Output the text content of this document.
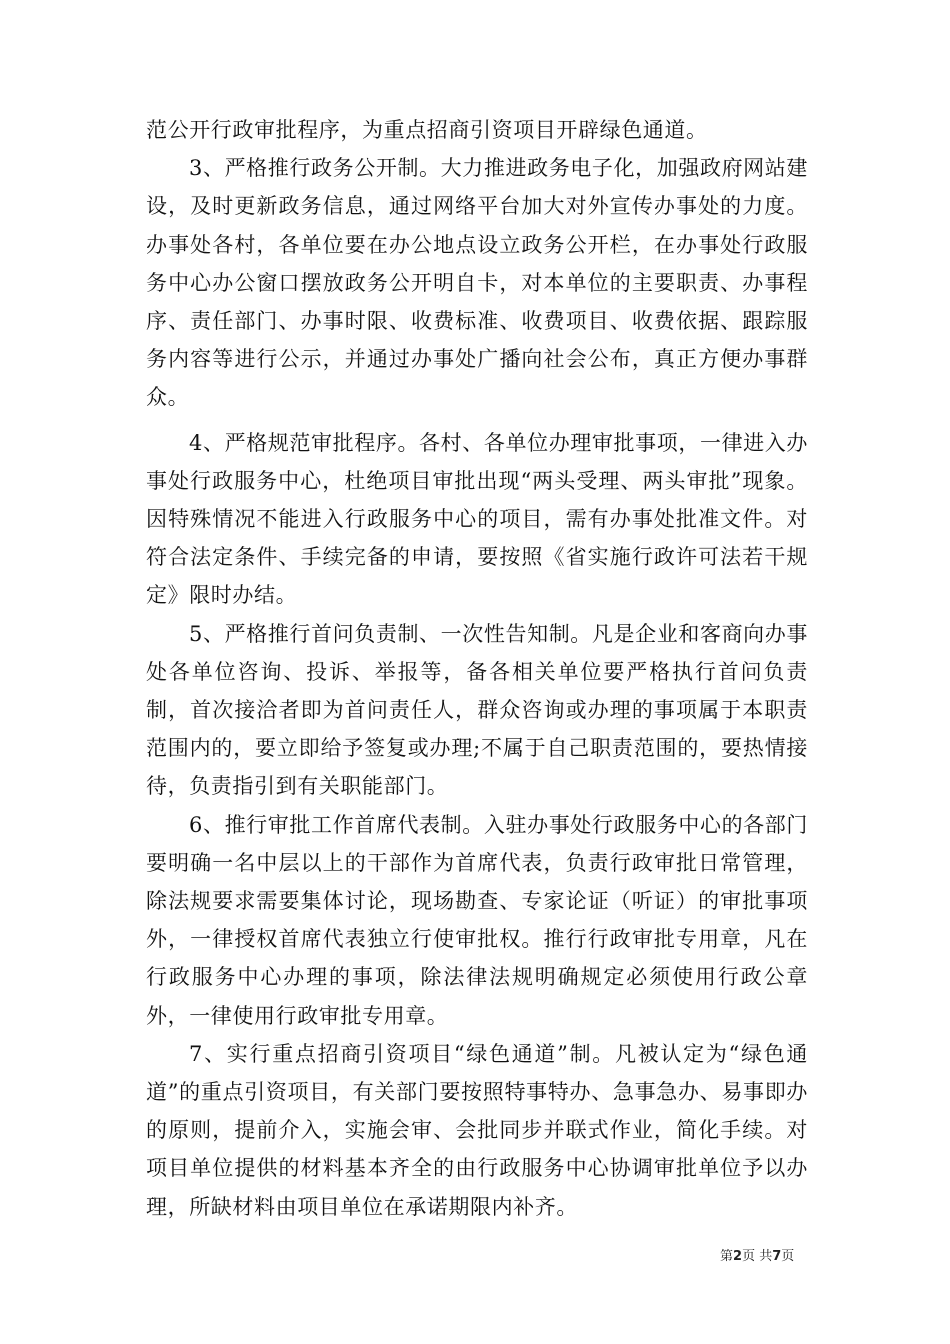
范公开行政审批程序，为重点招商引资项目开辟绿色通道。

3、严格推行政务公开制。大力推进政务电子化，加强政府网站建设，及时更新政务信息，通过网络平台加大对外宣传办事处的力度。办事处各村，各单位要在办公地点设立政务公开栏，在办事处行政服务中心办公窗口摆放政务公开明自卡，对本单位的主要职责、办事程序、责任部门、办事时限、收费标准、收费项目、收费依据、跟踪服务内容等进行公示，并通过办事处广播向社会公布，真正方便办事群众。

4、严格规范审批程序。各村、各单位办理审批事项，一律进入办事处行政服务中心，杜绝项目审批出现“两头受理、两头审批”现象。因特殊情况不能进入行政服务中心的项目，需有办事处批准文件。对符合法定条件、手续完备的申请，要按照《省实施行政许可法若干规定》限时办结。

5、严格推行首问负责制、一次性告知制。凡是企业和客商向办事处各单位咨询、投诉、举报等，备各相关单位要严格执行首问负责制，首次接洽者即为首问责任人，群众咨询或办理的事项属于本职责范围内的，要立即给予签复或办理;不属于自己职责范围的，要热情接待，负责指引到有关职能部门。

6、推行审批工作首席代表制。入驻办事处行政服务中心的各部门要明确一名中层以上的干部作为首席代表，负责行政审批日常管理，除法规要求需要集体讨论，现场勘查、专家论证（听证）的审批事项外，一律授权首席代表独立行使审批权。推行行政审批专用章，凡在行政服务中心办理的事项，除法律法规明确规定必须使用行政公章外，一律使用行政审批专用章。

7、实行重点招商引资项目“绿色通道”制。凡被认定为“绿色通道”的重点引资项目，有关部门要按照特事特办、急事急办、易事即办的原则，提前介入，实施会审、会批同步并联式作业，简化手续。对项目单位提供的材料基本齐全的由行政服务中心协调审批单位予以办理，所缺材料由项目单位在承诺期限内补齐。

第2页 共7页
